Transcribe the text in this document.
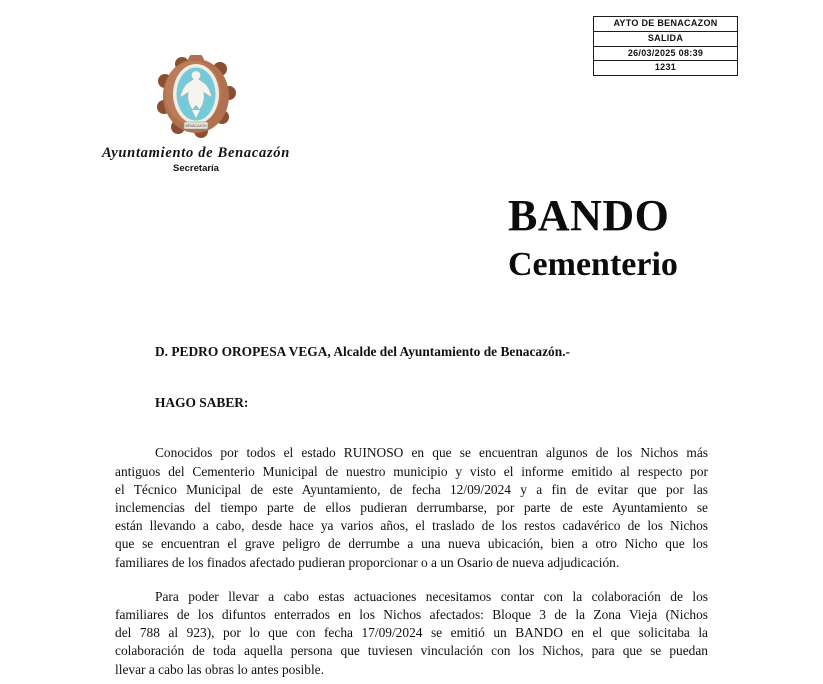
AYTO DE BENACAZON
SALIDA
26/03/2025 08:39
1231
BENACAZON
Ayuntamiento de Benacazón
Secretaría
BANDO
Cementerio

D. PEDRO OROPESA VEGA, Alcalde del Ayuntamiento de Benacazón.-

HAGO SABER:

Conocidos por todos el estado RUINOSO en que se encuentran algunos de los Nichos más
antiguos del Cementerio Municipal de nuestro municipio y visto el informe emitido al respecto por
el Técnico Municipal de este Ayuntamiento, de fecha 12/09/2024 y a fin de evitar que por las
inclemencias del tiempo parte de ellos pudieran derrumbarse, por parte de este Ayuntamiento se
están llevando a cabo, desde hace ya varios años, el traslado de los restos cadavérico de los Nichos
que se encuentran el grave peligro de derrumbe a una nueva ubicación, bien a otro Nicho que los
familiares de los finados afectado pudieran proporcionar o a un Osario de nueva adjudicación.
Para poder llevar a cabo estas actuaciones necesitamos contar con la colaboración de los
familiares de los difuntos enterrados en los Nichos afectados: Bloque 3 de la Zona Vieja (Nichos
del 788 al 923), por lo que con fecha 17/09/2024 se emitió un BANDO en el que solicitaba la
colaboración de toda aquella persona que tuviesen vinculación con los Nichos, para que se puedan
llevar a cabo las obras lo antes posible.
